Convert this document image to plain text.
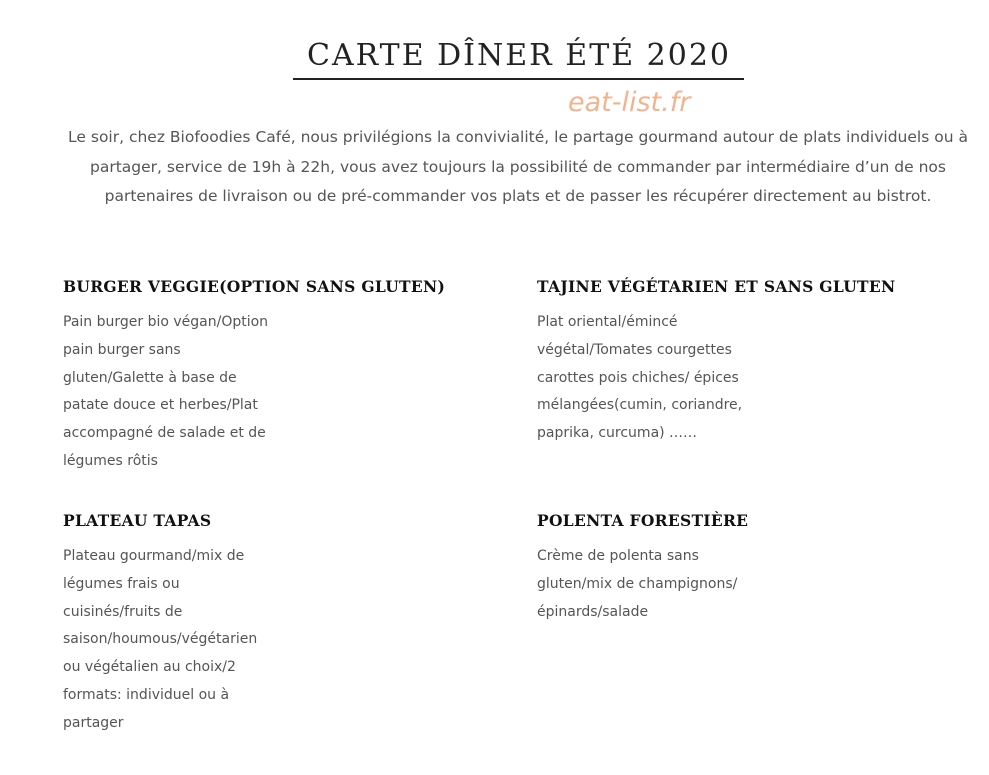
CARTE DÎNER ÉTÉ 2020
eat-list.fr
Le soir, chez Biofoodies Café, nous privilégions la convivialité, le partage gourmand autour de plats individuels ou à partager, service de 19h à 22h, vous avez toujours la possibilité de commander par intermédiaire d’un de nos partenaires de livraison ou de pré-commander vos plats et de passer les récupérer directement au bistrot.
BURGER VEGGIE(OPTION SANS GLUTEN)
Pain burger bio végan/Option
pain burger sans
gluten/Galette à base de
patate douce et herbes/Plat
accompagné de salade et de
légumes rôtis
TAJINE VÉGÉTARIEN ET SANS GLUTEN
Plat oriental/émincé
végétal/Tomates courgettes
carottes pois chiches/ épices
mélangées(cumin, coriandre,
paprika, curcuma) ……
PLATEAU TAPAS
Plateau gourmand/mix de
légumes frais ou
cuisinés/fruits de
saison/houmous/végétarien
ou végétalien au choix/2
formats: individuel ou à
partager
POLENTA FORESTIÈRE
Crème de polenta sans
gluten/mix de champignons/
épinards/salade
